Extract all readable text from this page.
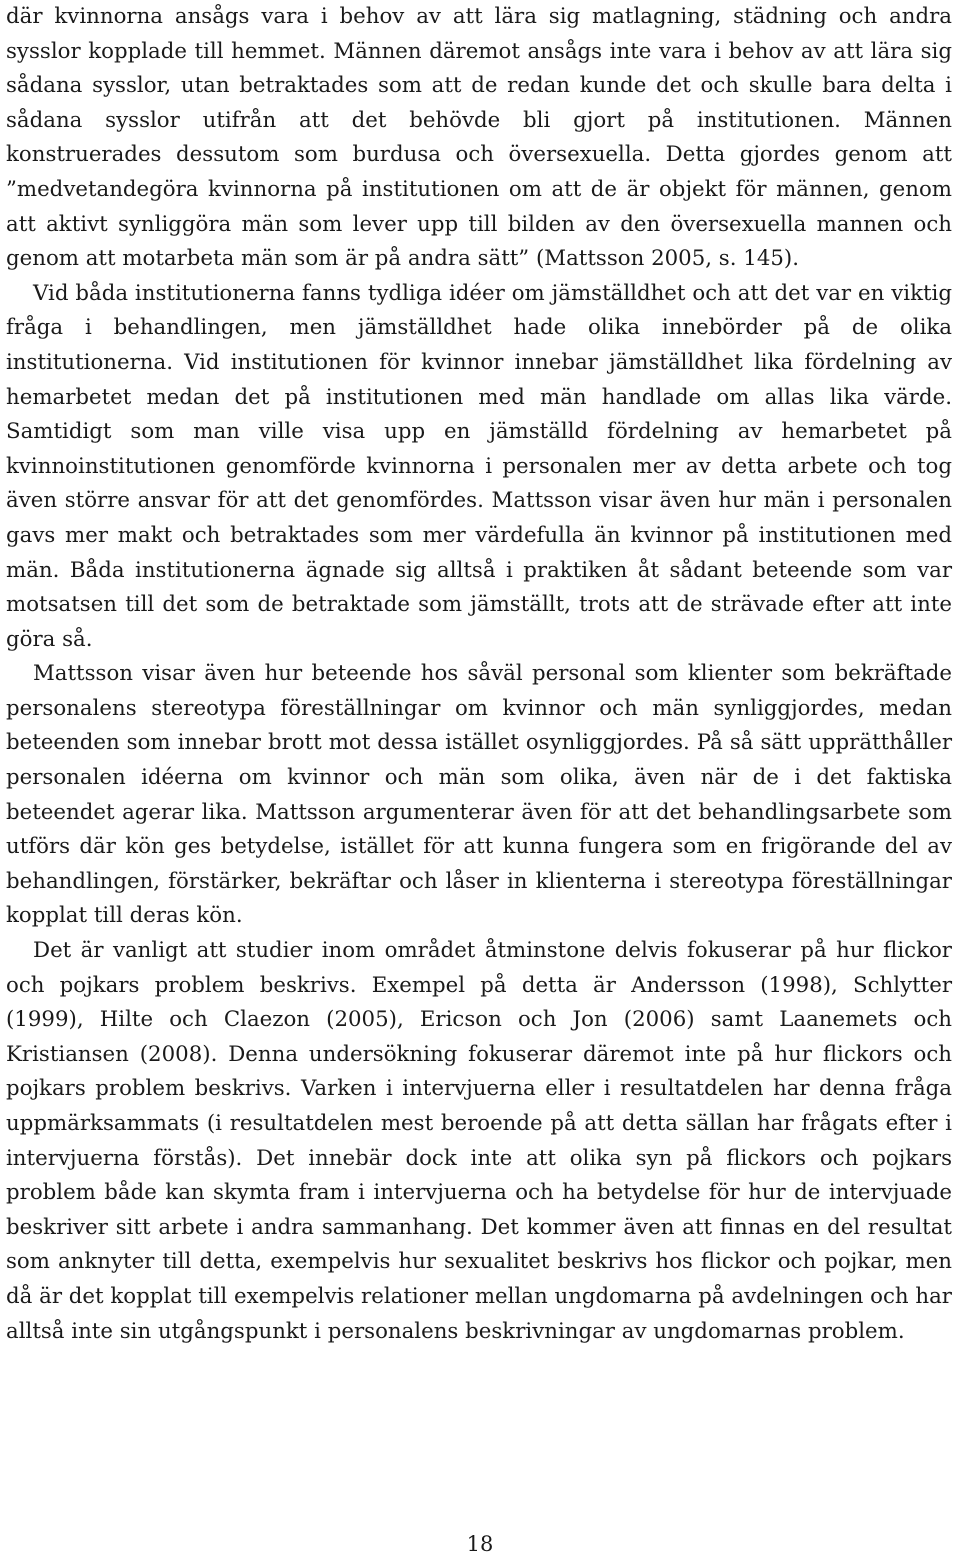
där kvinnorna ansågs vara i behov av att lära sig matlagning, städning och andra sysslor kopplade till hemmet. Männen däremot ansågs inte vara i behov av att lära sig sådana sysslor, utan betraktades som att de redan kunde det och skulle bara delta i sådana sysslor utifrån att det behövde bli gjort på institutionen. Männen konstruerades dessutom som burdusa och översexuella. Detta gjordes genom att ”medvetandegöra kvinnorna på institutionen om att de är objekt för männen, genom att aktivt synliggöra män som lever upp till bilden av den översexuella mannen och genom att motarbeta män som är på andra sätt” (Mattsson 2005, s. 145).

Vid båda institutionerna fanns tydliga idéer om jämställdhet och att det var en viktig fråga i behandlingen, men jämställdhet hade olika innebörder på de olika institutionerna. Vid institutionen för kvinnor innebar jämställdhet lika fördelning av hemarbetet medan det på institutionen med män handlade om allas lika värde. Samtidigt som man ville visa upp en jämställd fördelning av hemarbetet på kvinnoinstitutionen genomförde kvinnorna i personalen mer av detta arbete och tog även större ansvar för att det genomfördes. Mattsson visar även hur män i personalen gavs mer makt och betraktades som mer värdefulla än kvinnor på institutionen med män. Båda institutionerna ägnade sig alltså i praktiken åt sådant beteende som var motsatsen till det som de betraktade som jämställt, trots att de strävade efter att inte göra så.

Mattsson visar även hur beteende hos såväl personal som klienter som bekräftade personalens stereotypa föreställningar om kvinnor och män synliggjordes, medan beteenden som innebar brott mot dessa istället osynliggjordes. På så sätt upprätthåller personalen idéerna om kvinnor och män som olika, även när de i det faktiska beteendet agerar lika. Mattsson argumenterar även för att det behandlingsarbete som utförs där kön ges betydelse, istället för att kunna fungera som en frigörande del av behandlingen, förstärker, bekräftar och låser in klienterna i stereotypa föreställningar kopplat till deras kön.

Det är vanligt att studier inom området åtminstone delvis fokuserar på hur flickor och pojkars problem beskrivs. Exempel på detta är Andersson (1998), Schlytter (1999), Hilte och Claezon (2005), Ericson och Jon (2006) samt Laanemets och Kristiansen (2008). Denna undersökning fokuserar däremot inte på hur flickors och pojkars problem beskrivs. Varken i intervjuerna eller i resultatdelen har denna fråga uppmärksammats (i resultatdelen mest beroende på att detta sällan har frågats efter i intervjuerna förstås). Det innebär dock inte att olika syn på flickors och pojkars problem både kan skymta fram i intervjuerna och ha betydelse för hur de intervjuade beskriver sitt arbete i andra sammanhang. Det kommer även att finnas en del resultat som anknyter till detta, exempelvis hur sexualitet beskrivs hos flickor och pojkar, men då är det kopplat till exempelvis relationer mellan ungdomarna på avdelningen och har alltså inte sin utgångspunkt i personalens beskrivningar av ungdomarnas problem.

18
